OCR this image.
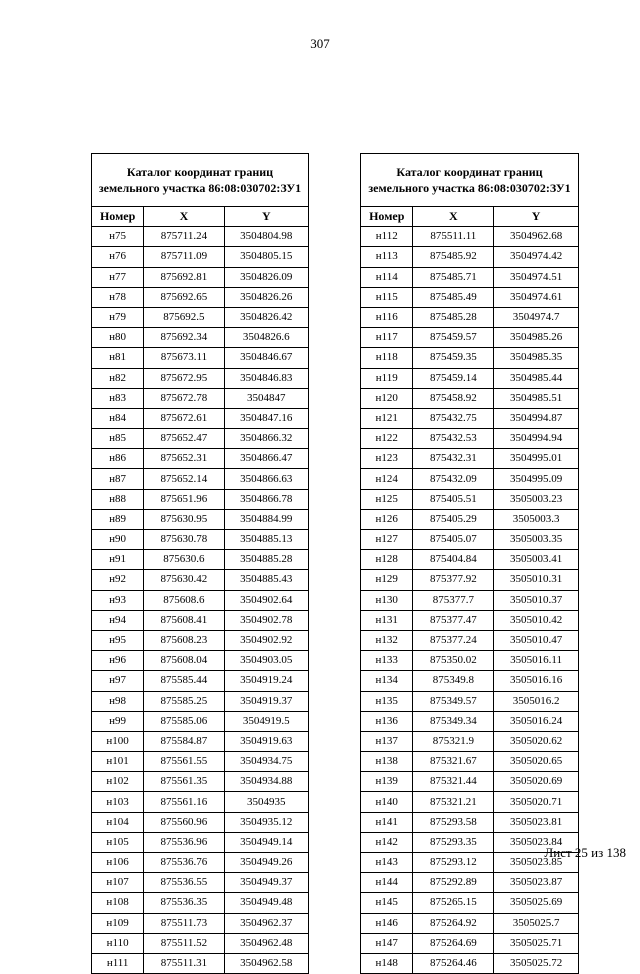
307
Каталог координат границ земельного участка 86:08:030702:ЗУ1		
Номер	X	Y
н75	875711.24	3504804.98
н76	875711.09	3504805.15
н77	875692.81	3504826.09
н78	875692.65	3504826.26
н79	875692.5	3504826.42
н80	875692.34	3504826.6
н81	875673.11	3504846.67
н82	875672.95	3504846.83
н83	875672.78	3504847
н84	875672.61	3504847.16
н85	875652.47	3504866.32
н86	875652.31	3504866.47
н87	875652.14	3504866.63
н88	875651.96	3504866.78
н89	875630.95	3504884.99
н90	875630.78	3504885.13
н91	875630.6	3504885.28
н92	875630.42	3504885.43
н93	875608.6	3504902.64
н94	875608.41	3504902.78
н95	875608.23	3504902.92
н96	875608.04	3504903.05
н97	875585.44	3504919.24
н98	875585.25	3504919.37
н99	875585.06	3504919.5
н100	875584.87	3504919.63
н101	875561.55	3504934.75
н102	875561.35	3504934.88
н103	875561.16	3504935
н104	875560.96	3504935.12
н105	875536.96	3504949.14
н106	875536.76	3504949.26
н107	875536.55	3504949.37
н108	875536.35	3504949.48
н109	875511.73	3504962.37
н110	875511.52	3504962.48
н111	875511.31	3504962.58
Каталог координат границ земельного участка 86:08:030702:ЗУ1		
Номер	X	Y
н112	875511.11	3504962.68
н113	875485.92	3504974.42
н114	875485.71	3504974.51
н115	875485.49	3504974.61
н116	875485.28	3504974.7
н117	875459.57	3504985.26
н118	875459.35	3504985.35
н119	875459.14	3504985.44
н120	875458.92	3504985.51
н121	875432.75	3504994.87
н122	875432.53	3504994.94
н123	875432.31	3504995.01
н124	875432.09	3504995.09
н125	875405.51	3505003.23
н126	875405.29	3505003.3
н127	875405.07	3505003.35
н128	875404.84	3505003.41
н129	875377.92	3505010.31
н130	875377.7	3505010.37
н131	875377.47	3505010.42
н132	875377.24	3505010.47
н133	875350.02	3505016.11
н134	875349.8	3505016.16
н135	875349.57	3505016.2
н136	875349.34	3505016.24
н137	875321.9	3505020.62
н138	875321.67	3505020.65
н139	875321.44	3505020.69
н140	875321.21	3505020.71
н141	875293.58	3505023.81
н142	875293.35	3505023.84
н143	875293.12	3505023.85
н144	875292.89	3505023.87
н145	875265.15	3505025.69
н146	875264.92	3505025.7
н147	875264.69	3505025.71
н148	875264.46	3505025.72
Лист 25 из 138
